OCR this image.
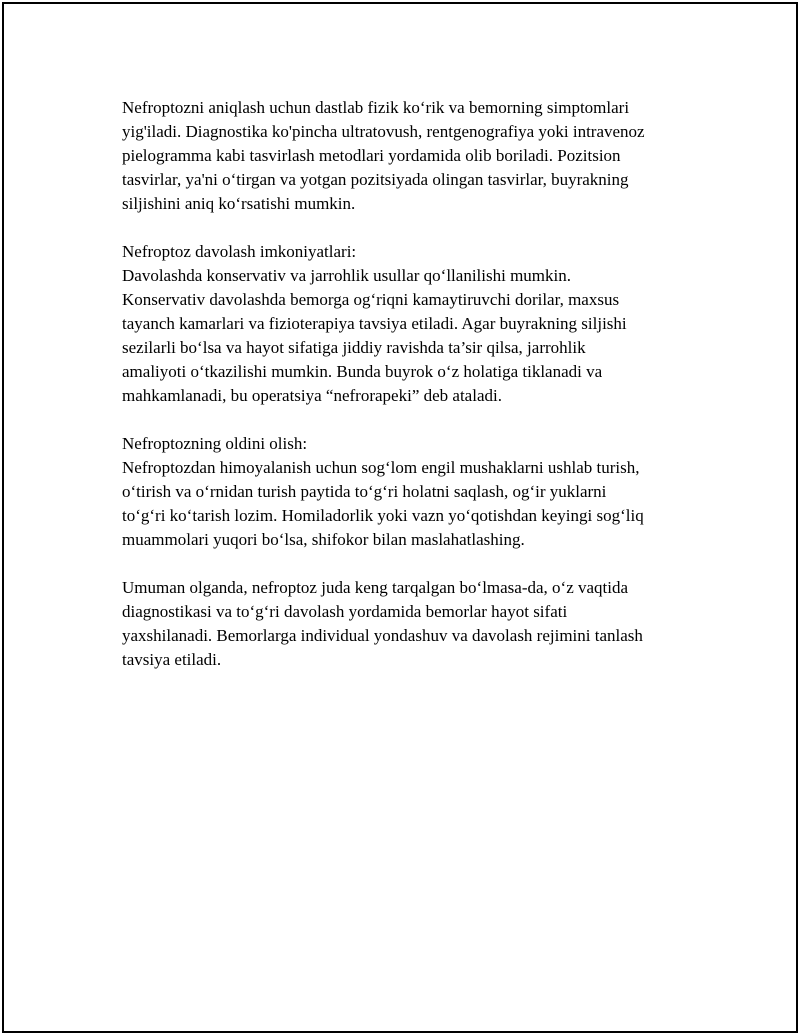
Nefroptozni aniqlash uchun dastlab fizik ko‘rik va bemorning simptomlari
yig'iladi. Diagnostika ko'pincha ultratovush, rentgenografiya yoki intravenoz
pielogramma kabi tasvirlash metodlari yordamida olib boriladi. Pozitsion
tasvirlar, ya'ni o‘tirgan va yotgan pozitsiyada olingan tasvirlar, buyrakning
siljishini aniq ko‘rsatishi mumkin.
Nefroptoz davolash imkoniyatlari:
Davolashda konservativ va jarrohlik usullar qo‘llanilishi mumkin.
Konservativ davolashda bemorga og‘riqni kamaytiruvchi dorilar, maxsus
tayanch kamarlari va fizioterapiya tavsiya etiladi. Agar buyrakning siljishi
sezilarli bo‘lsa va hayot sifatiga jiddiy ravishda ta’sir qilsa, jarrohlik
amaliyoti o‘tkazilishi mumkin. Bunda buyrok o‘z holatiga tiklanadi va
mahkamlanadi, bu operatsiya “nefrorapeki” deb ataladi.
Nefroptozning oldini olish:
Nefroptozdan himoyalanish uchun sog‘lom engil mushaklarni ushlab turish,
o‘tirish va o‘rnidan turish paytida to‘g‘ri holatni saqlash, og‘ir yuklarni
to‘g‘ri ko‘tarish lozim. Homiladorlik yoki vazn yo‘qotishdan keyingi sog‘liq
muammolari yuqori bo‘lsa, shifokor bilan maslahatlashing.
Umuman olganda, nefroptoz juda keng tarqalgan bo‘lmasa-da, o‘z vaqtida
diagnostikasi va to‘g‘ri davolash yordamida bemorlar hayot sifati
yaxshilanadi. Bemorlarga individual yondashuv va davolash rejimini tanlash
tavsiya etiladi.
